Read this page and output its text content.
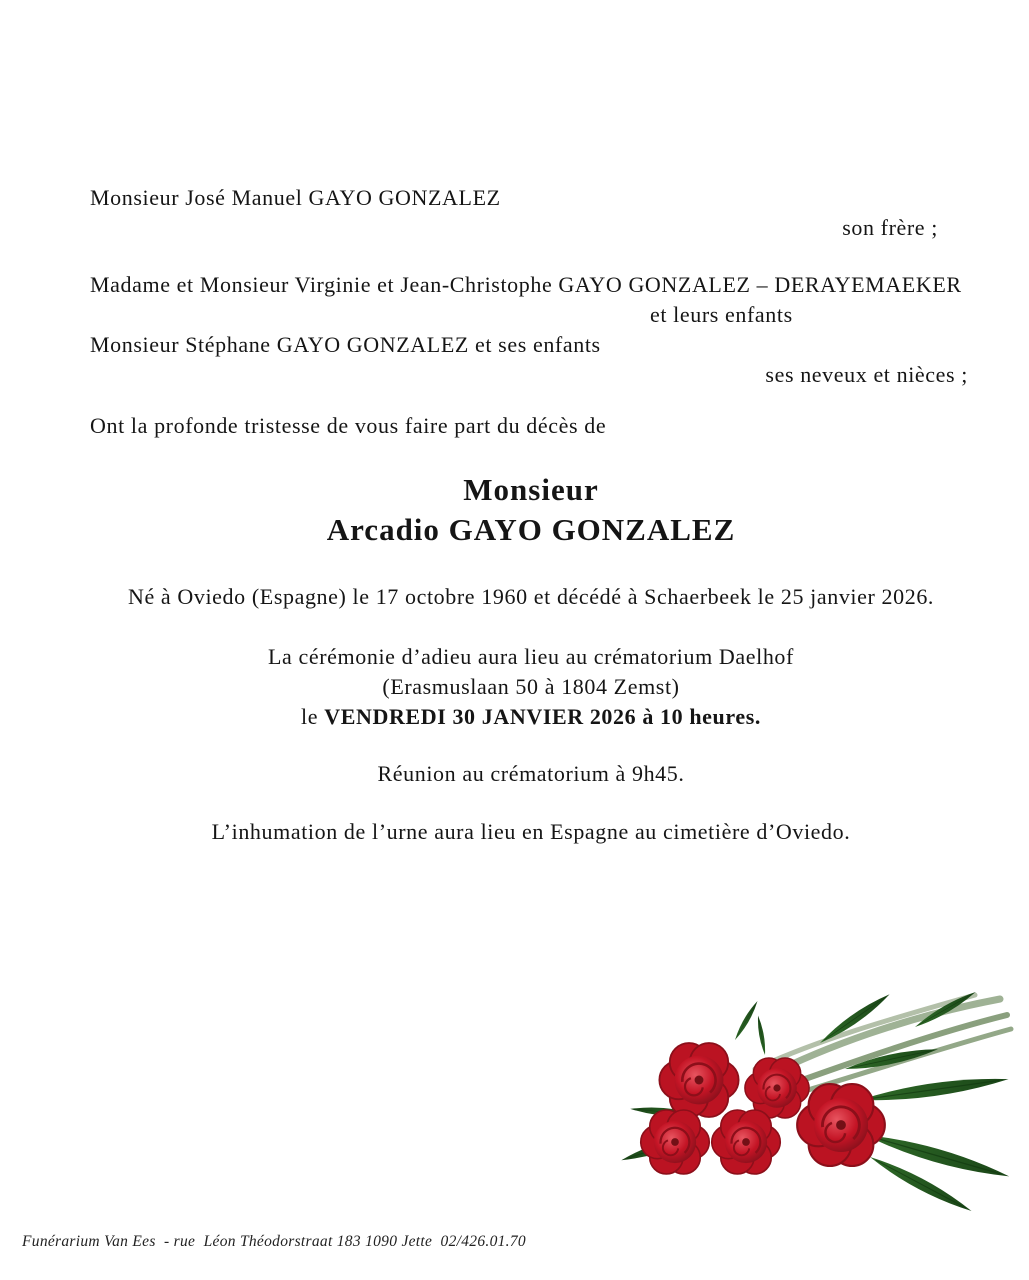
Monsieur José Manuel GAYO GONZALEZ
son frère ;
Madame et Monsieur Virginie et Jean-Christophe GAYO GONZALEZ – DERAYEMAEKER
et leurs enfants
Monsieur Stéphane GAYO GONZALEZ et ses enfants
ses neveux et nièces ;
Ont la profonde tristesse de vous faire part du décès de
Monsieur
Arcadio GAYO GONZALEZ
Né à Oviedo (Espagne) le 17 octobre 1960 et décédé à Schaerbeek le 25 janvier 2026.
La cérémonie d’adieu aura lieu au crématorium Daelhof
(Erasmuslaan 50 à 1804 Zemst)
le VENDREDI 30 JANVIER 2026 à 10 heures.
Réunion au crématorium à 9h45.
L’inhumation de l’urne aura lieu en Espagne au cimetière d’Oviedo.
Funérarium Van Ees  - rue  Léon Théodorstraat 183 1090 Jette  02/426.01.70
